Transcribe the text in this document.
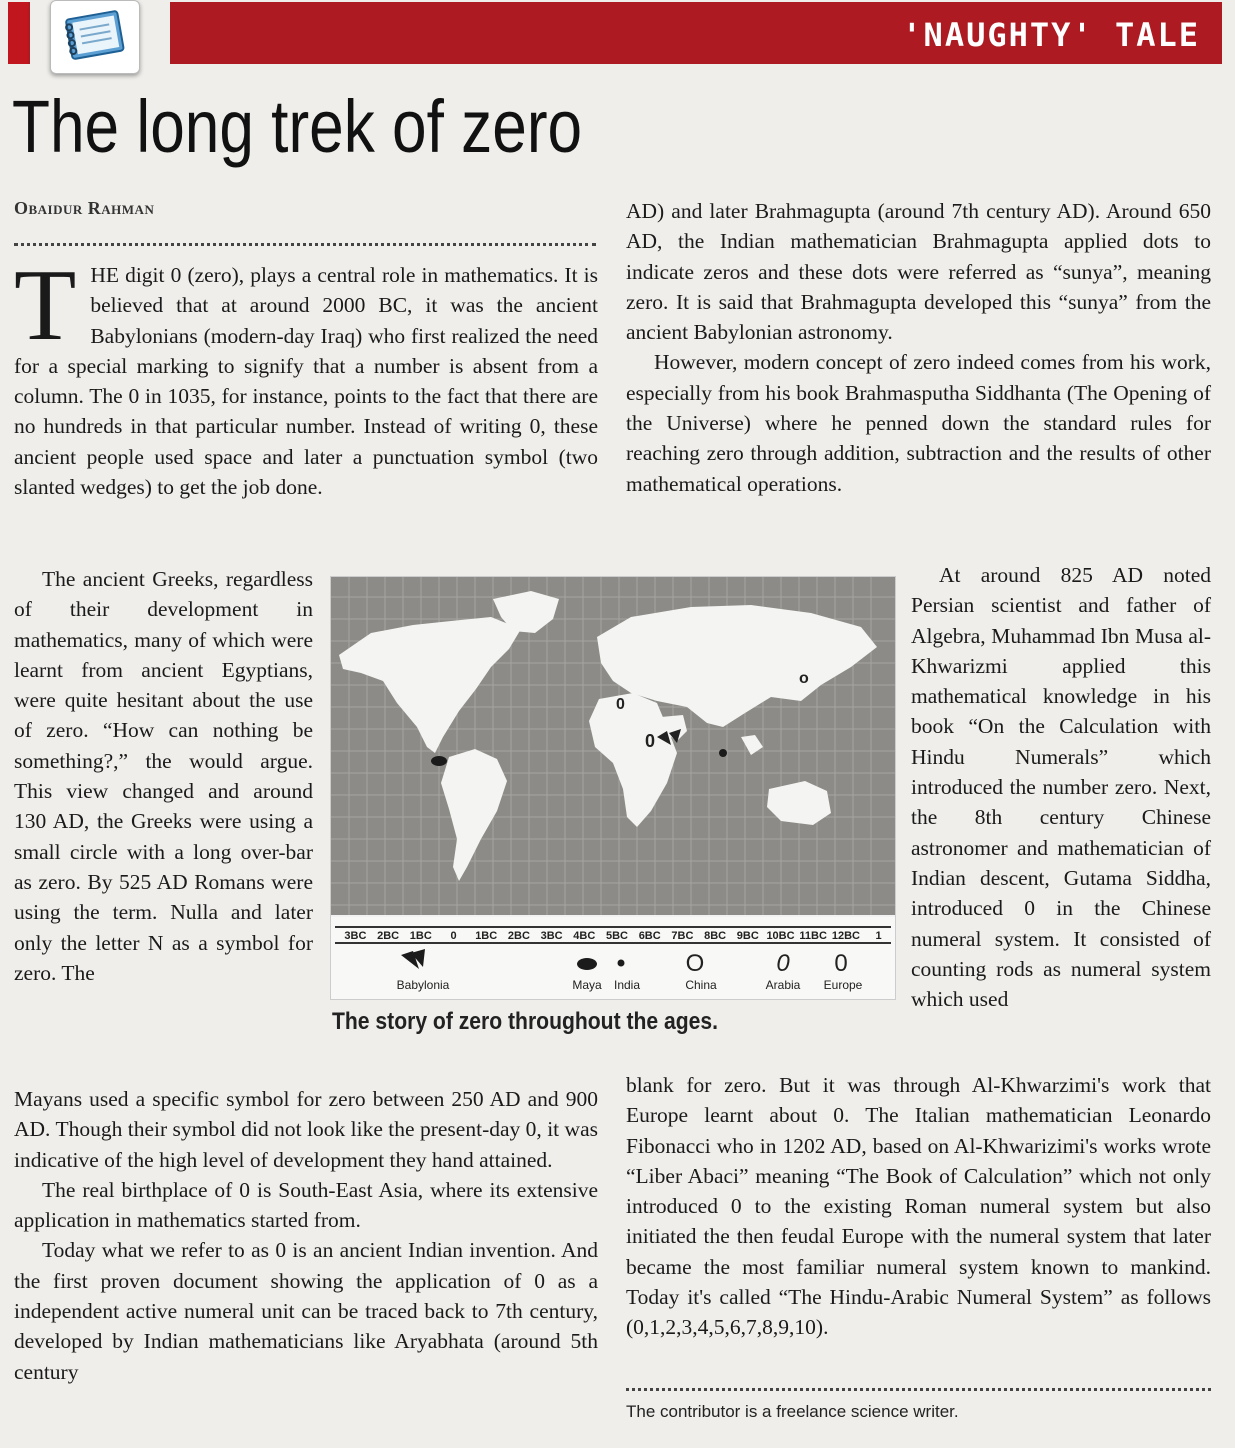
'NAUGHTY' TALE
The long trek of zero
Obaidur Rahman

THE digit 0 (zero), plays a central role in mathematics. It is believed that at around 2000 BC, it was the ancient Babylonians (modern-day Iraq) who first realized the need for a special marking to signify that a number is absent from a column. The 0 in 1035, for instance, points to the fact that there are no hundreds in that particular number. Instead of writing 0, these ancient people used space and later a punctuation symbol (two slanted wedges) to get the job done.

The ancient Greeks, regardless of their development in mathematics, many of which were learnt from ancient Egyptians, were quite hesitant about the use of zero. “How can nothing be something?,” the would argue. This view changed and around 130 AD, the Greeks were using a small circle with a long over-bar as zero. By 525 AD Romans were using the term. Nulla and later only the letter N as a symbol for zero. The

Mayans used a specific symbol for zero between 250 AD and 900 AD. Though their symbol did not look like the present-day 0, it was indicative of the high level of development they hand attained.

The real birthplace of 0 is South-East Asia, where its extensive application in mathematics started from.

Today what we refer to as 0 is an ancient Indian invention. And the first proven document showing the application of 0 as a independent active numeral unit can be traced back to 7th century, developed by Indian mathematicians like Aryabhata (around 5th century

AD) and later Brahmagupta (around 7th century AD). Around 650 AD, the Indian mathematician Brahmagupta applied dots to indicate zeros and these dots were referred as “sunya”, meaning zero. It is said that Brahmagupta developed this “sunya” from the ancient Babylonian astronomy.

However, modern concept of zero indeed comes from his work, especially from his book Brahmasputha Siddhanta (The Opening of the Universe) where he penned down the standard rules for reaching zero through addition, subtraction and the results of other mathematical operations.

At around 825 AD noted Persian scientist and father of Algebra, Muhammad Ibn Musa al-Khwarizmi applied this mathematical knowledge in his book “On the Calculation with Hindu Numerals” which introduced the number zero. Next, the 8th century Chinese astronomer and mathematician of Indian descent, Gutama Siddha, introduced 0 in the Chinese numeral system. It consisted of counting rods as numeral system which used

blank for zero. But it was through Al-Khwarzimi's work that Europe learnt about 0. The Italian mathematician Leonardo Fibonacci who in 1202 AD, based on Al-Khwarizimi's works wrote “Liber Abaci” meaning “The Book of Calculation” which not only introduced 0 to the existing Roman numeral system but also initiated the then feudal Europe with the numeral system that later became the most familiar numeral system known to mankind. Today it's called “The Hindu-Arabic Numeral System” as follows (0,1,2,3,4,5,6,7,8,9,10).

0
0
o
3BC 2BC 1BC 0 1BC 2BC 3BC 4BC 5BC 6BC 7BC 8BC 9BC 10BC 11BC 12BC 1
O	0 0
Babylonia	Maya India	China	Arabia Europe
The story of zero throughout the ages.
The contributor is a freelance science writer.
